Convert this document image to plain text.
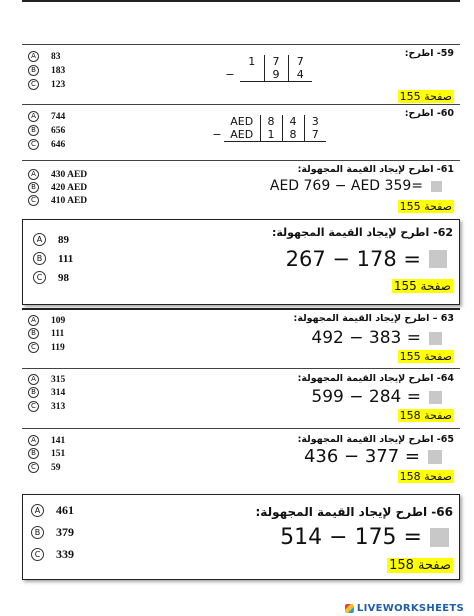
A	83
B	183
C	123
	1	7	7
−		9	4

59- اطرح:
صفحة 155
A	744
B	656
C	646
	AED	8	4	3
−	AED	1	8	7

60- اطرح:
A	430 AED
B	420 AED
C	410 AED
61- اطرح لإيجاد القيمة المجهولة:
AED 769 − AED 359=
صفحة 155
A	89
B	111
C	98
62- اطرح لإيجاد القيمة المجهولة:
267 − 178 =
صفحة 155
A	109
B	111
C	119
63 – اطرح لإيجاد القيمة المجهولة:
492 − 383 =
صفحة 155
A	315
B	314
C	313
64- اطرح لإيجاد القيمة المجهولة:
599 − 284 =
صفحة 158
A	141
B	151
C	59
65- اطرح لإيجاد القيمة المجهولة:
436 − 377 =
صفحة 158
A	461
B	379
C	339
66- اطرح لإيجاد القيمة المجهولة:
514 − 175 =
صفحة 158
LIVEWORKSHEETS
